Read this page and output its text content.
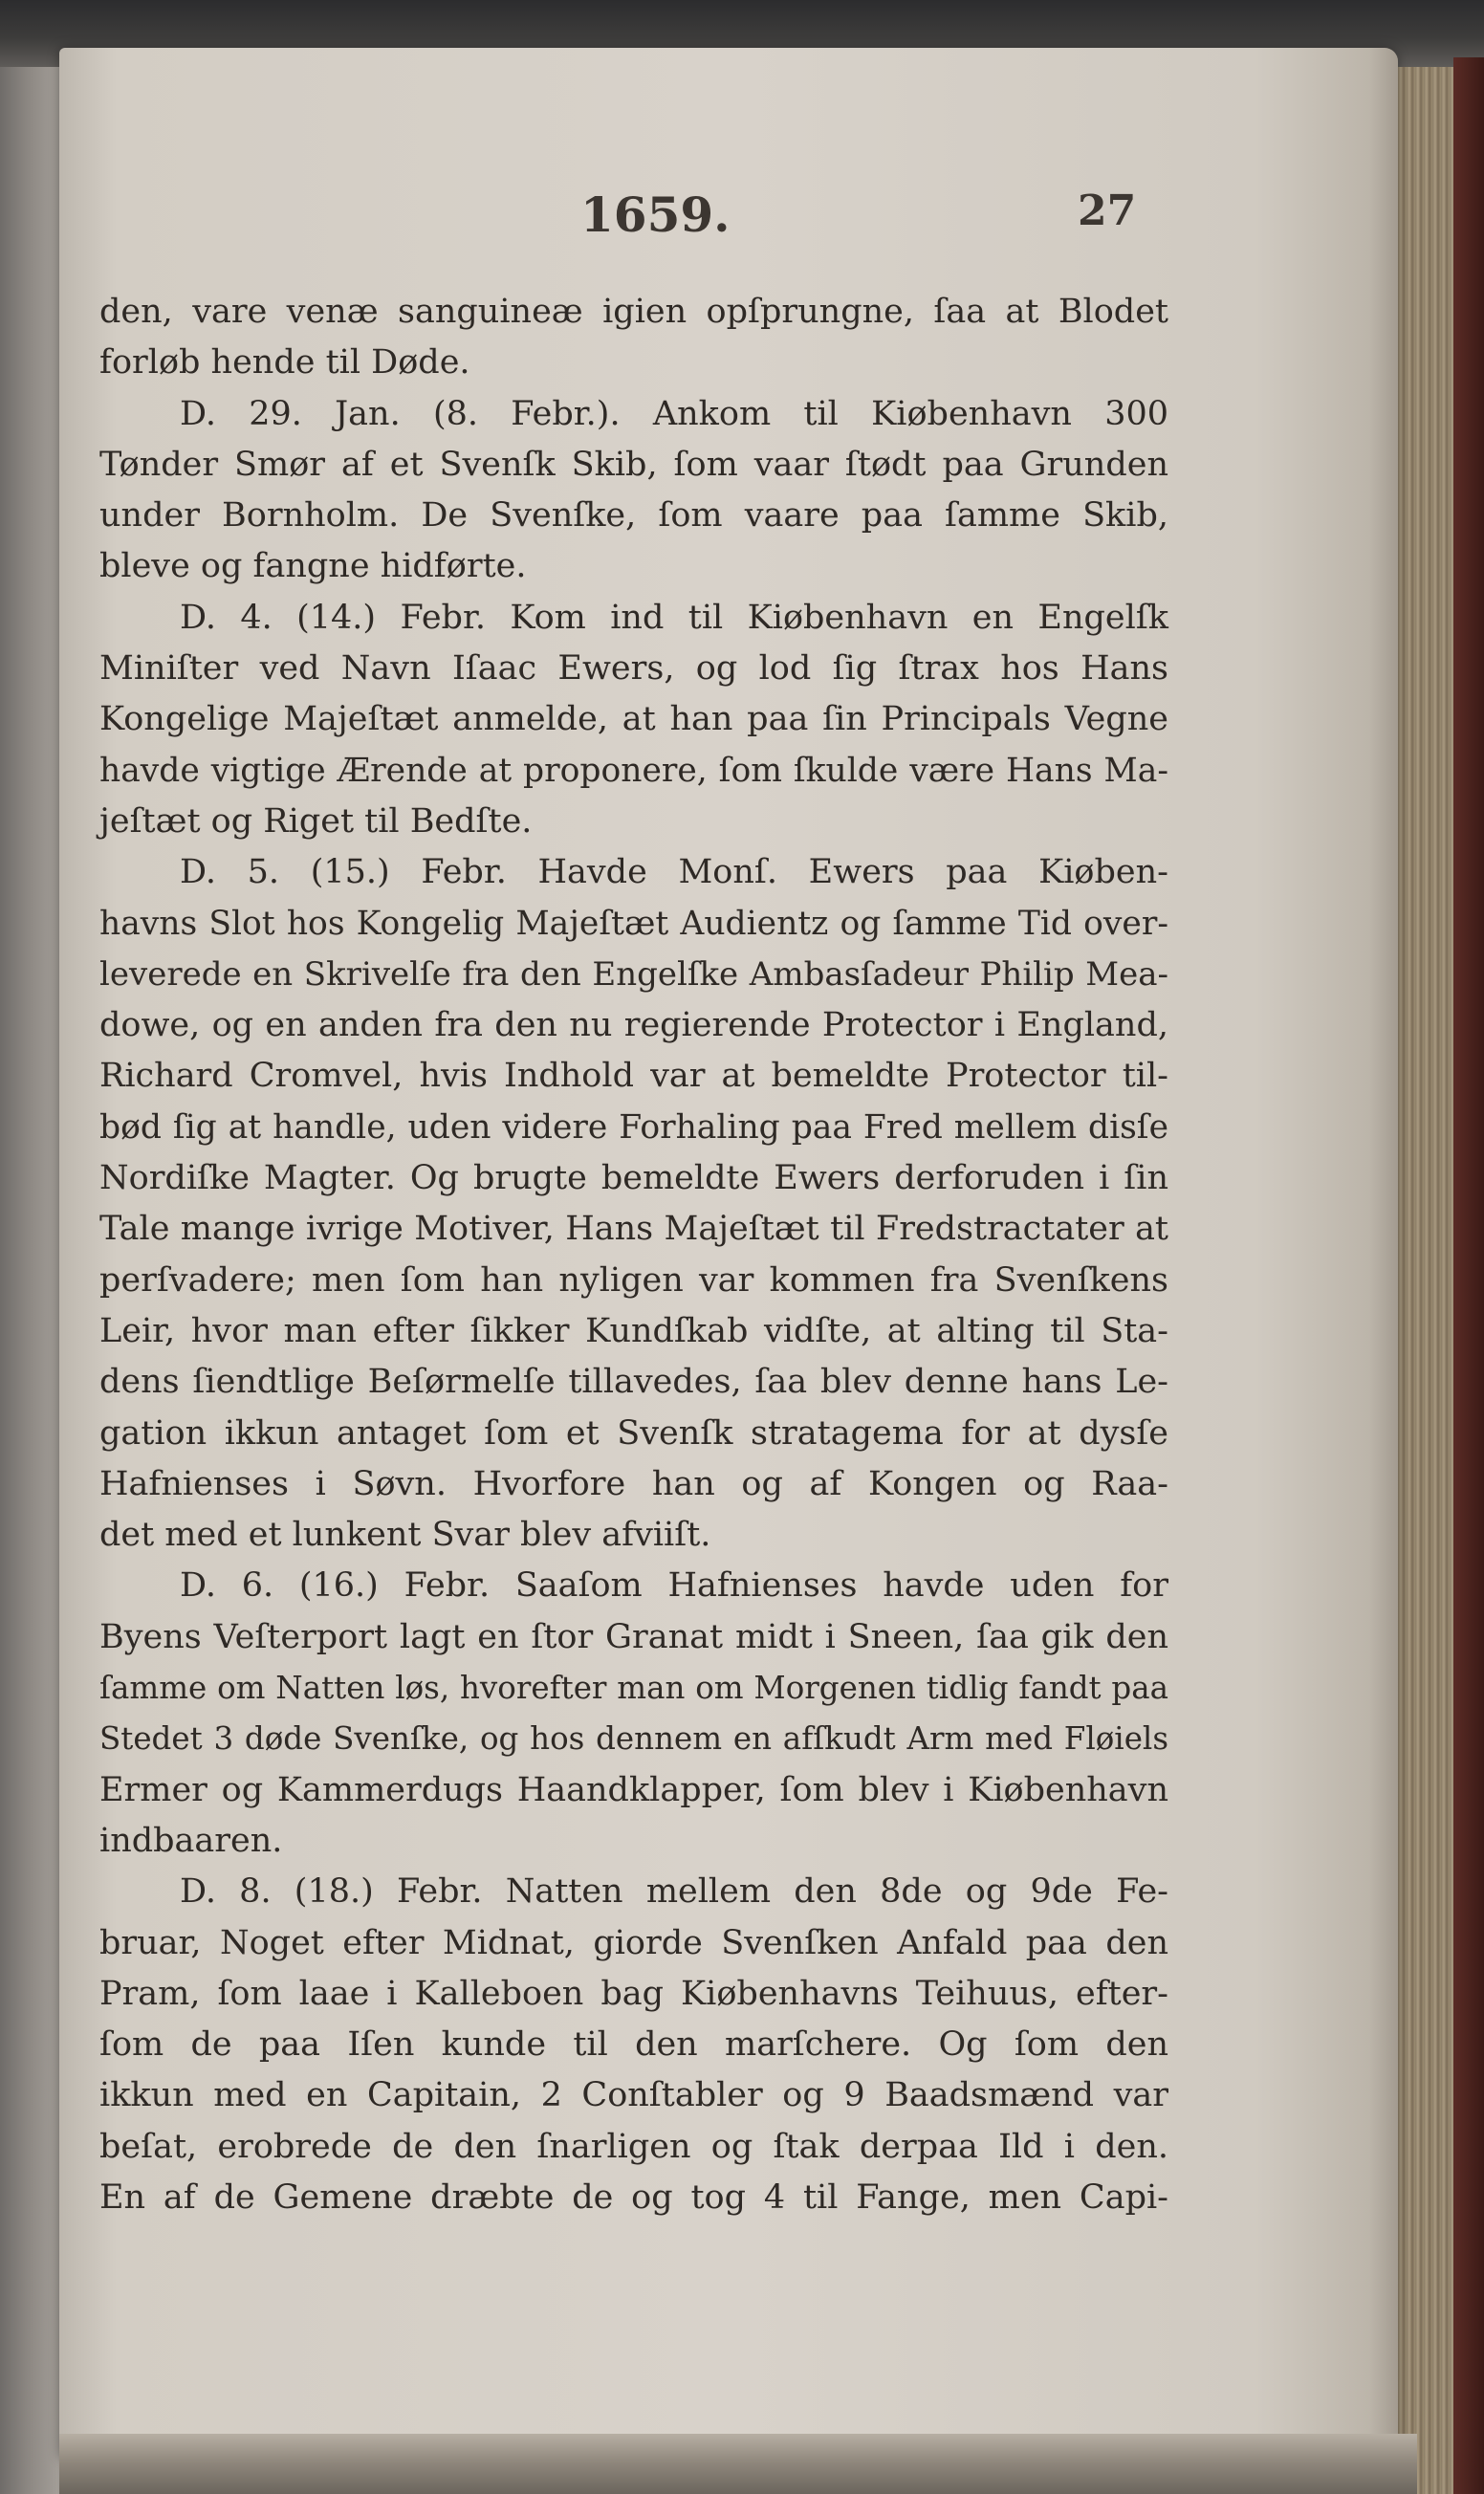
1659.	27
den, vare venæ sanguineæ igien opſprungne, ſaa at Blodet
forløb hende til Døde.
D. 29. Jan. (8. Febr.). Ankom til Kiøbenhavn 300
Tønder Smør af et Svenſk Skib, ſom vaar ſtødt paa Grunden
under Bornholm. De Svenſke, ſom vaare paa ſamme Skib,
bleve og fangne hidførte.
D. 4. (14.) Febr. Kom ind til Kiøbenhavn en Engelſk
Miniſter ved Navn Iſaac Ewers, og lod ſig ſtrax hos Hans
Kongelige Majeſtæt anmelde, at han paa ſin Principals Vegne
havde vigtige Ærende at proponere, ſom ſkulde være Hans Ma-
jeſtæt og Riget til Bedſte.
D. 5. (15.) Febr. Havde Monſ. Ewers paa Kiøben-
havns Slot hos Kongelig Majeſtæt Audientz og ſamme Tid over-
leverede en Skrivelſe fra den Engelſke Ambasſadeur Philip Mea-
dowe, og en anden fra den nu regierende Protector i England,
Richard Cromvel, hvis Indhold var at bemeldte Protector til-
bød ſig at handle, uden videre Forhaling paa Fred mellem disſe
Nordiſke Magter. Og brugte bemeldte Ewers derforuden i ſin
Tale mange ivrige Motiver, Hans Majeſtæt til Fredstractater at
perſvadere; men ſom han nyligen var kommen fra Svenſkens
Leir, hvor man efter ſikker Kundſkab vidſte, at alting til Sta-
dens ſiendtlige Beſørmelſe tillavedes, ſaa blev denne hans Le-
gation ikkun antaget ſom et Svenſk stratagema for at dysſe
Hafnienses i Søvn. Hvorfore han og af Kongen og Raa-
det med et lunkent Svar blev afviiſt.
D. 6. (16.) Febr. Saaſom Hafnienses havde uden for
Byens Veſterport lagt en ſtor Granat midt i Sneen, ſaa gik den
ſamme om Natten løs, hvorefter man om Morgenen tidlig fandt paa
Stedet 3 døde Svenſke, og hos dennem en afſkudt Arm med Fløiels
Ermer og Kammerdugs Haandklapper, ſom blev i Kiøbenhavn
indbaaren.
D. 8. (18.) Febr. Natten mellem den 8de og 9de Fe-
bruar, Noget efter Midnat, giorde Svenſken Anfald paa den
Pram, ſom laae i Kalleboen bag Kiøbenhavns Teihuus, efter-
ſom de paa Iſen kunde til den marſchere. Og ſom den
ikkun med en Capitain, 2 Conſtabler og 9 Baadsmænd var
beſat, erobrede de den ſnarligen og ſtak derpaa Ild i den.
En af de Gemene dræbte de og tog 4 til Fange, men Capi-
